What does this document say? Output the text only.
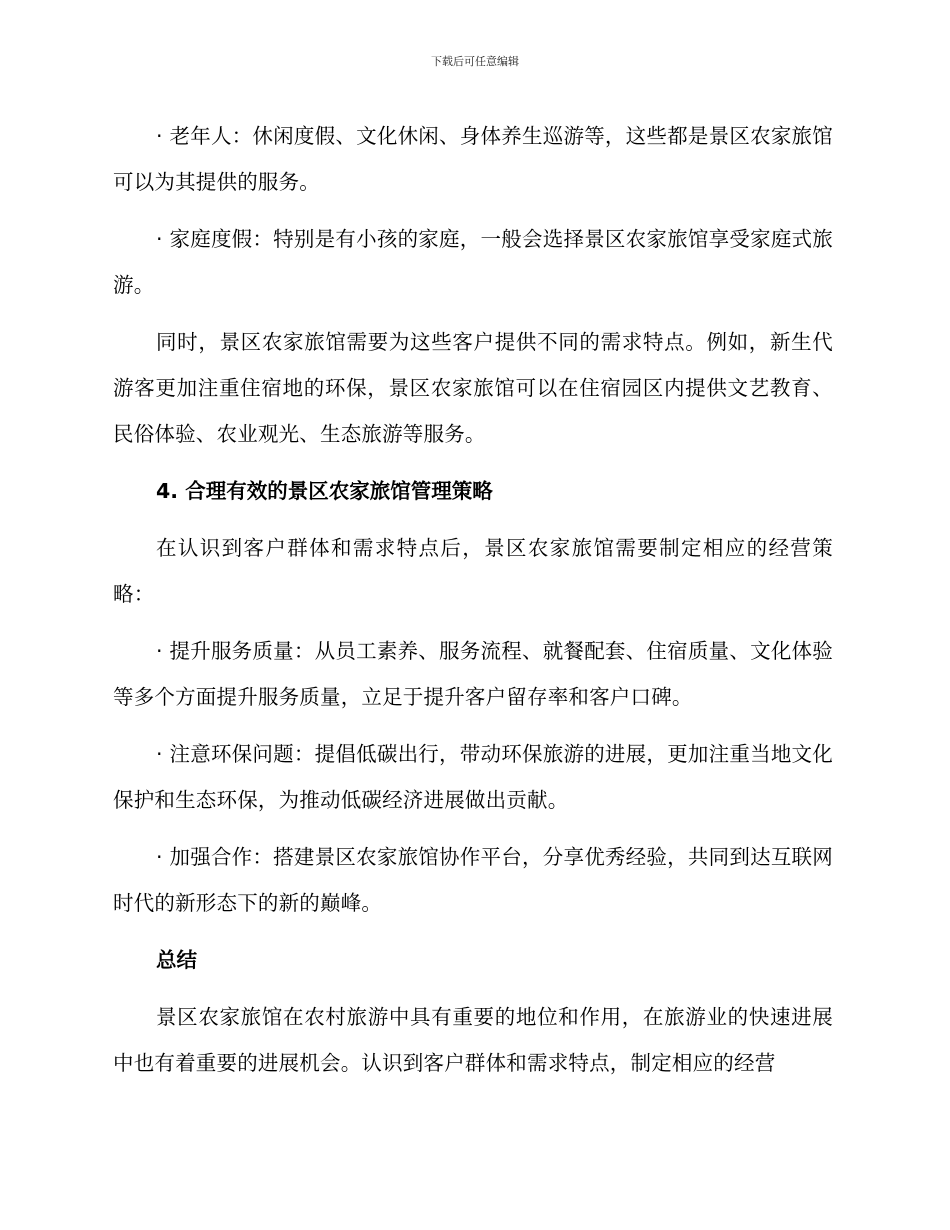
下载后可任意编辑

· 老年人：休闲度假、文化休闲、身体养生巡游等，这些都是景区农家旅馆可以为其提供的服务。

· 家庭度假：特别是有小孩的家庭，一般会选择景区农家旅馆享受家庭式旅游。

同时，景区农家旅馆需要为这些客户提供不同的需求特点。例如，新生代游客更加注重住宿地的环保，景区农家旅馆可以在住宿园区内提供文艺教育、民俗体验、农业观光、生态旅游等服务。

4. 合理有效的景区农家旅馆管理策略

在认识到客户群体和需求特点后，景区农家旅馆需要制定相应的经营策略：

· 提升服务质量：从员工素养、服务流程、就餐配套、住宿质量、文化体验等多个方面提升服务质量，立足于提升客户留存率和客户口碑。

· 注意环保问题：提倡低碳出行，带动环保旅游的进展，更加注重当地文化保护和生态环保，为推动低碳经济进展做出贡献。

· 加强合作：搭建景区农家旅馆协作平台，分享优秀经验，共同到达互联网时代的新形态下的新的巅峰。

总结

景区农家旅馆在农村旅游中具有重要的地位和作用，在旅游业的快速进展中也有着重要的进展机会。认识到客户群体和需求特点，制定相应的经营
